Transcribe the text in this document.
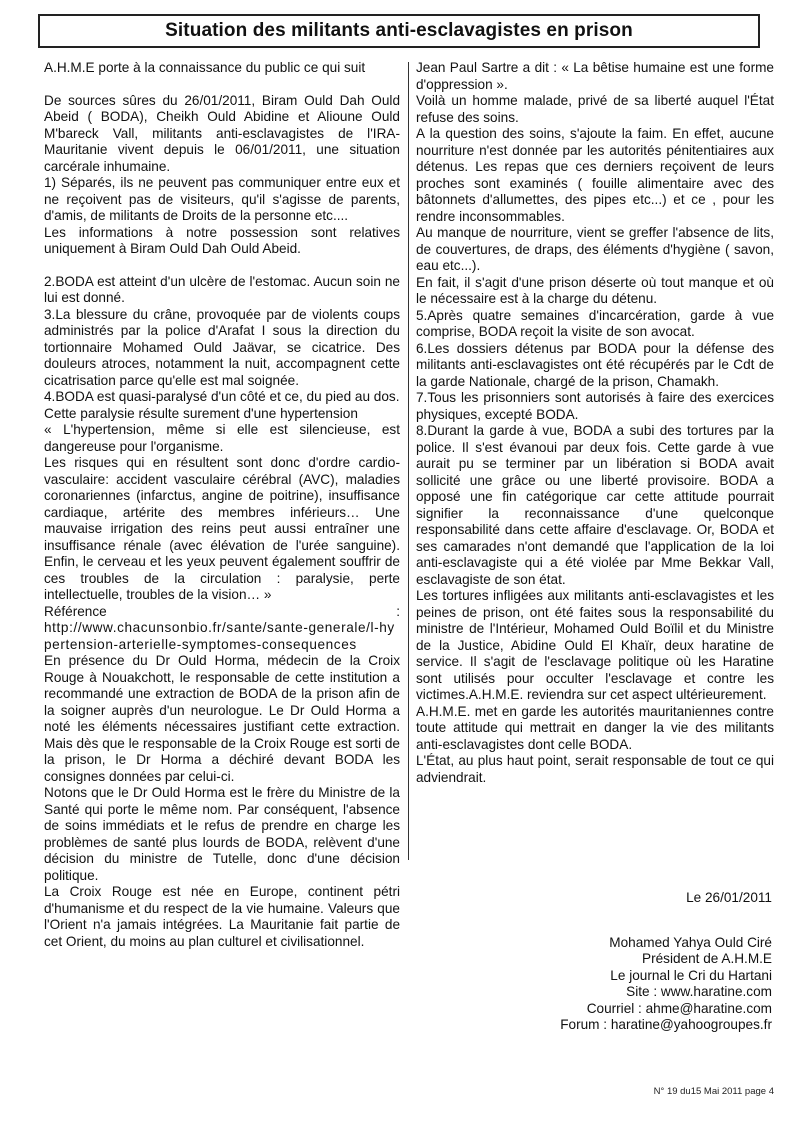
Situation des militants anti-esclavagistes en prison

A.H.M.E porte à la connaissance du public ce qui suit

De sources sûres du 26/01/2011, Biram Ould Dah Ould Abeid ( BODA), Cheikh Ould Abidine et Alioune Ould M'bareck Vall, militants anti-esclavagistes de l'IRA-Mauritanie vivent depuis le 06/01/2011, une situation carcérale inhumaine.

1) Séparés, ils ne peuvent pas communiquer entre eux et ne reçoivent pas de visiteurs, qu'il s'agisse de parents, d'amis, de militants de Droits de la personne etc....

Les informations à notre possession sont relatives uniquement à Biram Ould Dah Ould Abeid.

2.BODA est atteint d'un ulcère de l'estomac. Aucun soin ne lui est donné.

3.La blessure du crâne, provoquée par de violents coups administrés par la police d'Arafat I sous la direction du tortionnaire Mohamed Ould Jaävar, se cicatrice. Des douleurs atroces, notamment la nuit, accompagnent cette cicatrisation parce qu'elle est mal soignée.

4.BODA est quasi-paralysé d'un côté et ce, du pied au dos.

Cette paralysie résulte surement d'une hypertension

« L'hypertension, même si elle est silencieuse, est dangereuse pour l'organisme.

Les risques qui en résultent sont donc d'ordre cardio-vasculaire: accident vasculaire cérébral (AVC), maladies coronariennes (infarctus, angine de poitrine), insuffisance cardiaque, artérite des membres inférieurs… Une mauvaise irrigation des reins peut aussi entraîner une insuffisance rénale (avec élévation de l'urée sanguine). Enfin, le cerveau et les yeux peuvent également souffrir de ces troubles de la circulation : paralysie, perte intellectuelle, troubles de la vision… »

Référence :

http://www.chacunsonbio.fr/sante/sante-generale/l-hypertension-arterielle-symptomes-consequences

En présence du Dr Ould Horma, médecin de la Croix Rouge à Nouakchott, le responsable de cette institution a recommandé une extraction de BODA de la prison afin de la soigner auprès d'un neurologue. Le Dr Ould Horma a noté les éléments nécessaires justifiant cette extraction. Mais dès que le responsable de la Croix Rouge est sorti de la prison, le Dr Horma a déchiré devant BODA les consignes données par celui-ci.

Notons que le Dr Ould Horma est le frère du Ministre de la Santé qui porte le même nom. Par conséquent, l'absence de soins immédiats et le refus de prendre en charge les problèmes de santé plus lourds de BODA, relèvent d'une décision du ministre de Tutelle, donc d'une décision politique.

La Croix Rouge est née en Europe, continent pétri d'humanisme et du respect de la vie humaine. Valeurs que l'Orient n'a jamais intégrées. La Mauritanie fait partie de cet Orient, du moins au plan culturel et civilisationnel.

Jean Paul Sartre a dit : « La bêtise humaine est une forme d'oppression ».

Voilà un homme malade, privé de sa liberté auquel l'État refuse des soins.

A la question des soins, s'ajoute la faim. En effet, aucune nourriture n'est donnée par les autorités pénitentiaires aux détenus. Les repas que ces derniers reçoivent de leurs proches sont examinés ( fouille alimentaire avec des bâtonnets d'allumettes, des pipes etc...) et ce , pour les rendre inconsommables.

Au manque de nourriture, vient se greffer l'absence de lits, de couvertures, de draps, des éléments d'hygiène ( savon, eau etc...).

En fait, il s'agit d'une prison déserte où tout manque et où le nécessaire est à la charge du détenu.

5.Après quatre semaines d'incarcération, garde à vue comprise, BODA reçoit la visite de son avocat.

6.Les dossiers détenus par BODA pour la défense des militants anti-esclavagistes ont été récupérés par le Cdt de la garde Nationale, chargé de la prison, Chamakh.

7.Tous les prisonniers sont autorisés à faire des exercices physiques, excepté BODA.

8.Durant la garde à vue, BODA a subi des tortures par la police. Il s'est évanoui par deux fois. Cette garde à vue aurait pu se terminer par un libération si BODA avait sollicité une grâce ou une liberté provisoire. BODA a opposé une fin catégorique car cette attitude pourrait signifier la reconnaissance d'une quelconque responsabilité dans cette affaire d'esclavage. Or, BODA et ses camarades n'ont demandé que l'application de la loi anti-esclavagiste qui a été violée par Mme Bekkar Vall, esclavagiste de son état.

Les tortures infligées aux militants anti-esclavagistes et les peines de prison, ont été faites sous la responsabilité du ministre de l'Intérieur, Mohamed Ould Boïlil et du Ministre de la Justice, Abidine Ould El Khaïr, deux haratine de service. Il s'agit de l'esclavage politique où les Haratine sont utilisés pour occulter l'esclavage et contre les victimes.A.H.M.E. reviendra sur cet aspect ultérieurement.

A.H.M.E. met en garde les autorités mauritaniennes contre toute attitude qui mettrait en danger la vie des militants anti-esclavagistes dont celle BODA.

L'État, au plus haut point, serait responsable de tout ce qui adviendrait.

Le 26/01/2011

Mohamed Yahya Ould Ciré

Président de A.H.M.E

Le journal le Cri du Hartani

Site : www.haratine.com

Courriel : ahme@haratine.com

Forum : haratine@yahoogroupes.fr

N° 19 du15 Mai 2011 page 4
